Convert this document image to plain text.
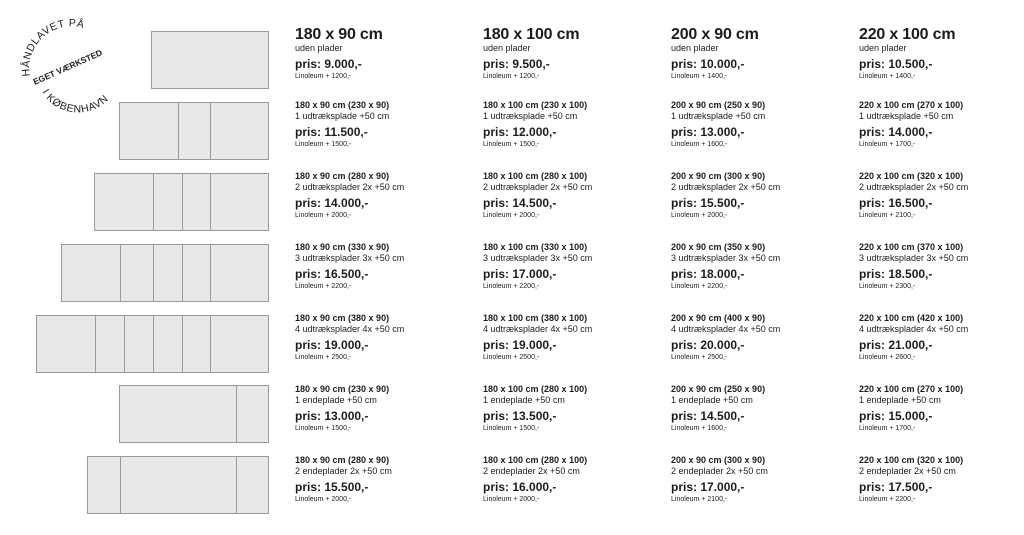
HÅNDLAVET PÅ
EGET VÆRKSTED
I KØBENHAVN
180 x 90 cm
uden plader
pris: 9.000,-
Linoleum + 1200,-
180 x 100 cm
uden plader
pris: 9.500,-
Linoleum + 1200,-
200 x 90 cm
uden plader
pris: 10.000,-
Linoleum + 1400,-
220 x 100 cm
uden plader
pris: 10.500,-
Linoleum + 1400,-
180 x 90 cm (230 x 90)
1 udtræksplade +50 cm
pris: 11.500,-
Linoleum + 1500,-
180 x 100 cm (230 x 100)
1 udtræksplade +50 cm
pris: 12.000,-
Linoleum + 1500,-
200 x 90 cm (250 x 90)
1 udtræksplade +50 cm
pris: 13.000,-
Linoleum + 1600,-
220 x 100 cm (270 x 100)
1 udtræksplade +50 cm
pris: 14.000,-
Linoleum + 1700,-
180 x 90 cm (280 x 90)
2 udtræksplader 2x +50 cm
pris: 14.000,-
Linoleum + 2000,-
180 x 100 cm (280 x 100)
2 udtræksplader 2x +50 cm
pris: 14.500,-
Linoleum + 2000,-
200 x 90 cm (300 x 90)
2 udtræksplader 2x +50 cm
pris: 15.500,-
Linoleum + 2000,-
220 x 100 cm (320 x 100)
2 udtræksplader 2x +50 cm
pris: 16.500,-
Linoleum + 2100,-
180 x 90 cm (330 x 90)
3 udtræksplader 3x +50 cm
pris: 16.500,-
Linoleum + 2200,-
180 x 100 cm (330 x 100)
3 udtræksplader 3x +50 cm
pris: 17.000,-
Linoleum + 2200,-
200 x 90 cm (350 x 90)
3 udtræksplader 3x +50 cm
pris: 18.000,-
Linoleum + 2200,-
220 x 100 cm (370 x 100)
3 udtræksplader 3x +50 cm
pris: 18.500,-
Linoleum + 2300,-
180 x 90 cm (380 x 90)
4 udtræksplader 4x +50 cm
pris: 19.000,-
Linoleum + 2500,-
180 x 100 cm (380 x 100)
4 udtræksplader 4x +50 cm
pris: 19.000,-
Linoleum + 2500,-
200 x 90 cm (400 x 90)
4 udtræksplader 4x +50 cm
pris: 20.000,-
Linoleum + 2500,-
220 x 100 cm (420 x 100)
4 udtræksplader 4x +50 cm
pris: 21.000,-
Linoleum + 2600,-
180 x 90 cm (230 x 90)
1 endeplade +50 cm
pris: 13.000,-
Linoleum + 1500,-
180 x 100 cm (280 x 100)
1 endeplade +50 cm
pris: 13.500,-
Linoleum + 1500,-
200 x 90 cm (250 x 90)
1 endeplade +50 cm
pris: 14.500,-
Linoleum + 1600,-
220 x 100 cm (270 x 100)
1 endeplade +50 cm
pris: 15.000,-
Linoleum + 1700,-
180 x 90 cm (280 x 90)
2 endeplader 2x +50 cm
pris: 15.500,-
Linoleum + 2000,-
180 x 100 cm (280 x 100)
2 endeplader 2x +50 cm
pris: 16.000,-
Linoleum + 2000,-
200 x 90 cm (300 x 90)
2 endeplader 2x +50 cm
pris: 17.000,-
Linoleum + 2100,-
220 x 100 cm (320 x 100)
2 endeplader 2x +50 cm
pris: 17.500,-
Linoleum + 2200,-
